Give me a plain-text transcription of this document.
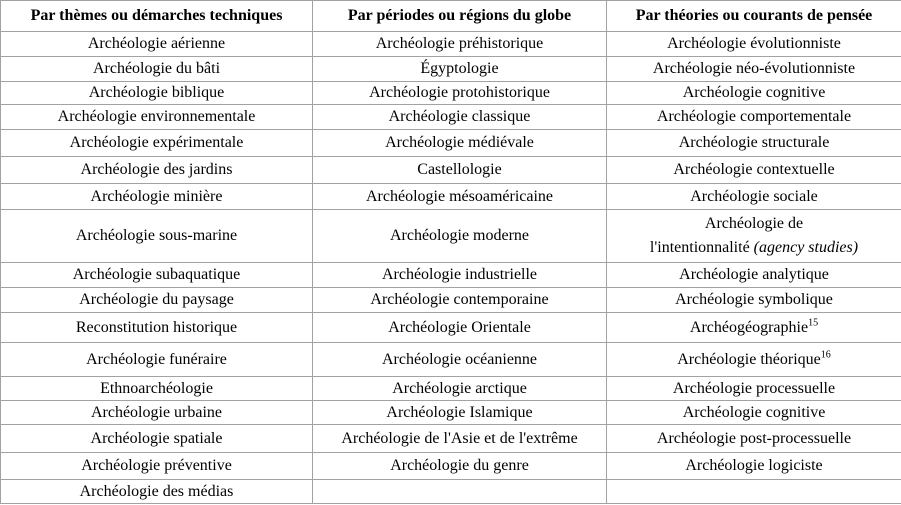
Par thèmes ou démarches techniques	Par périodes ou régions du globe	Par théories ou courants de pensée
Archéologie aérienne	Archéologie préhistorique	Archéologie évolutionniste
Archéologie du bâti	Égyptologie	Archéologie néo-évolutionniste
Archéologie biblique	Archéologie protohistorique	Archéologie cognitive
Archéologie environnementale	Archéologie classique	Archéologie comportementale
Archéologie expérimentale	Archéologie médiévale	Archéologie structurale
Archéologie des jardins	Castellologie	Archéologie contextuelle
Archéologie minière	Archéologie mésoaméricaine	Archéologie sociale
Archéologie sous-marine	Archéologie moderne	Archéologie de
l'intentionnalité (agency studies)
Archéologie subaquatique	Archéologie industrielle	Archéologie analytique
Archéologie du paysage	Archéologie contemporaine	Archéologie symbolique
Reconstitution historique	Archéologie Orientale	Archéogéographie$^{15}$
Archéologie funéraire	Archéologie océanienne	Archéologie théorique$^{16}$
Ethnoarchéologie	Archéologie arctique	Archéologie processuelle
Archéologie urbaine	Archéologie Islamique	Archéologie cognitive
Archéologie spatiale	Archéologie de l'Asie et de l'extrême	Archéologie post-processuelle
Archéologie préventive	Archéologie du genre	Archéologie logiciste
Archéologie des médias		
